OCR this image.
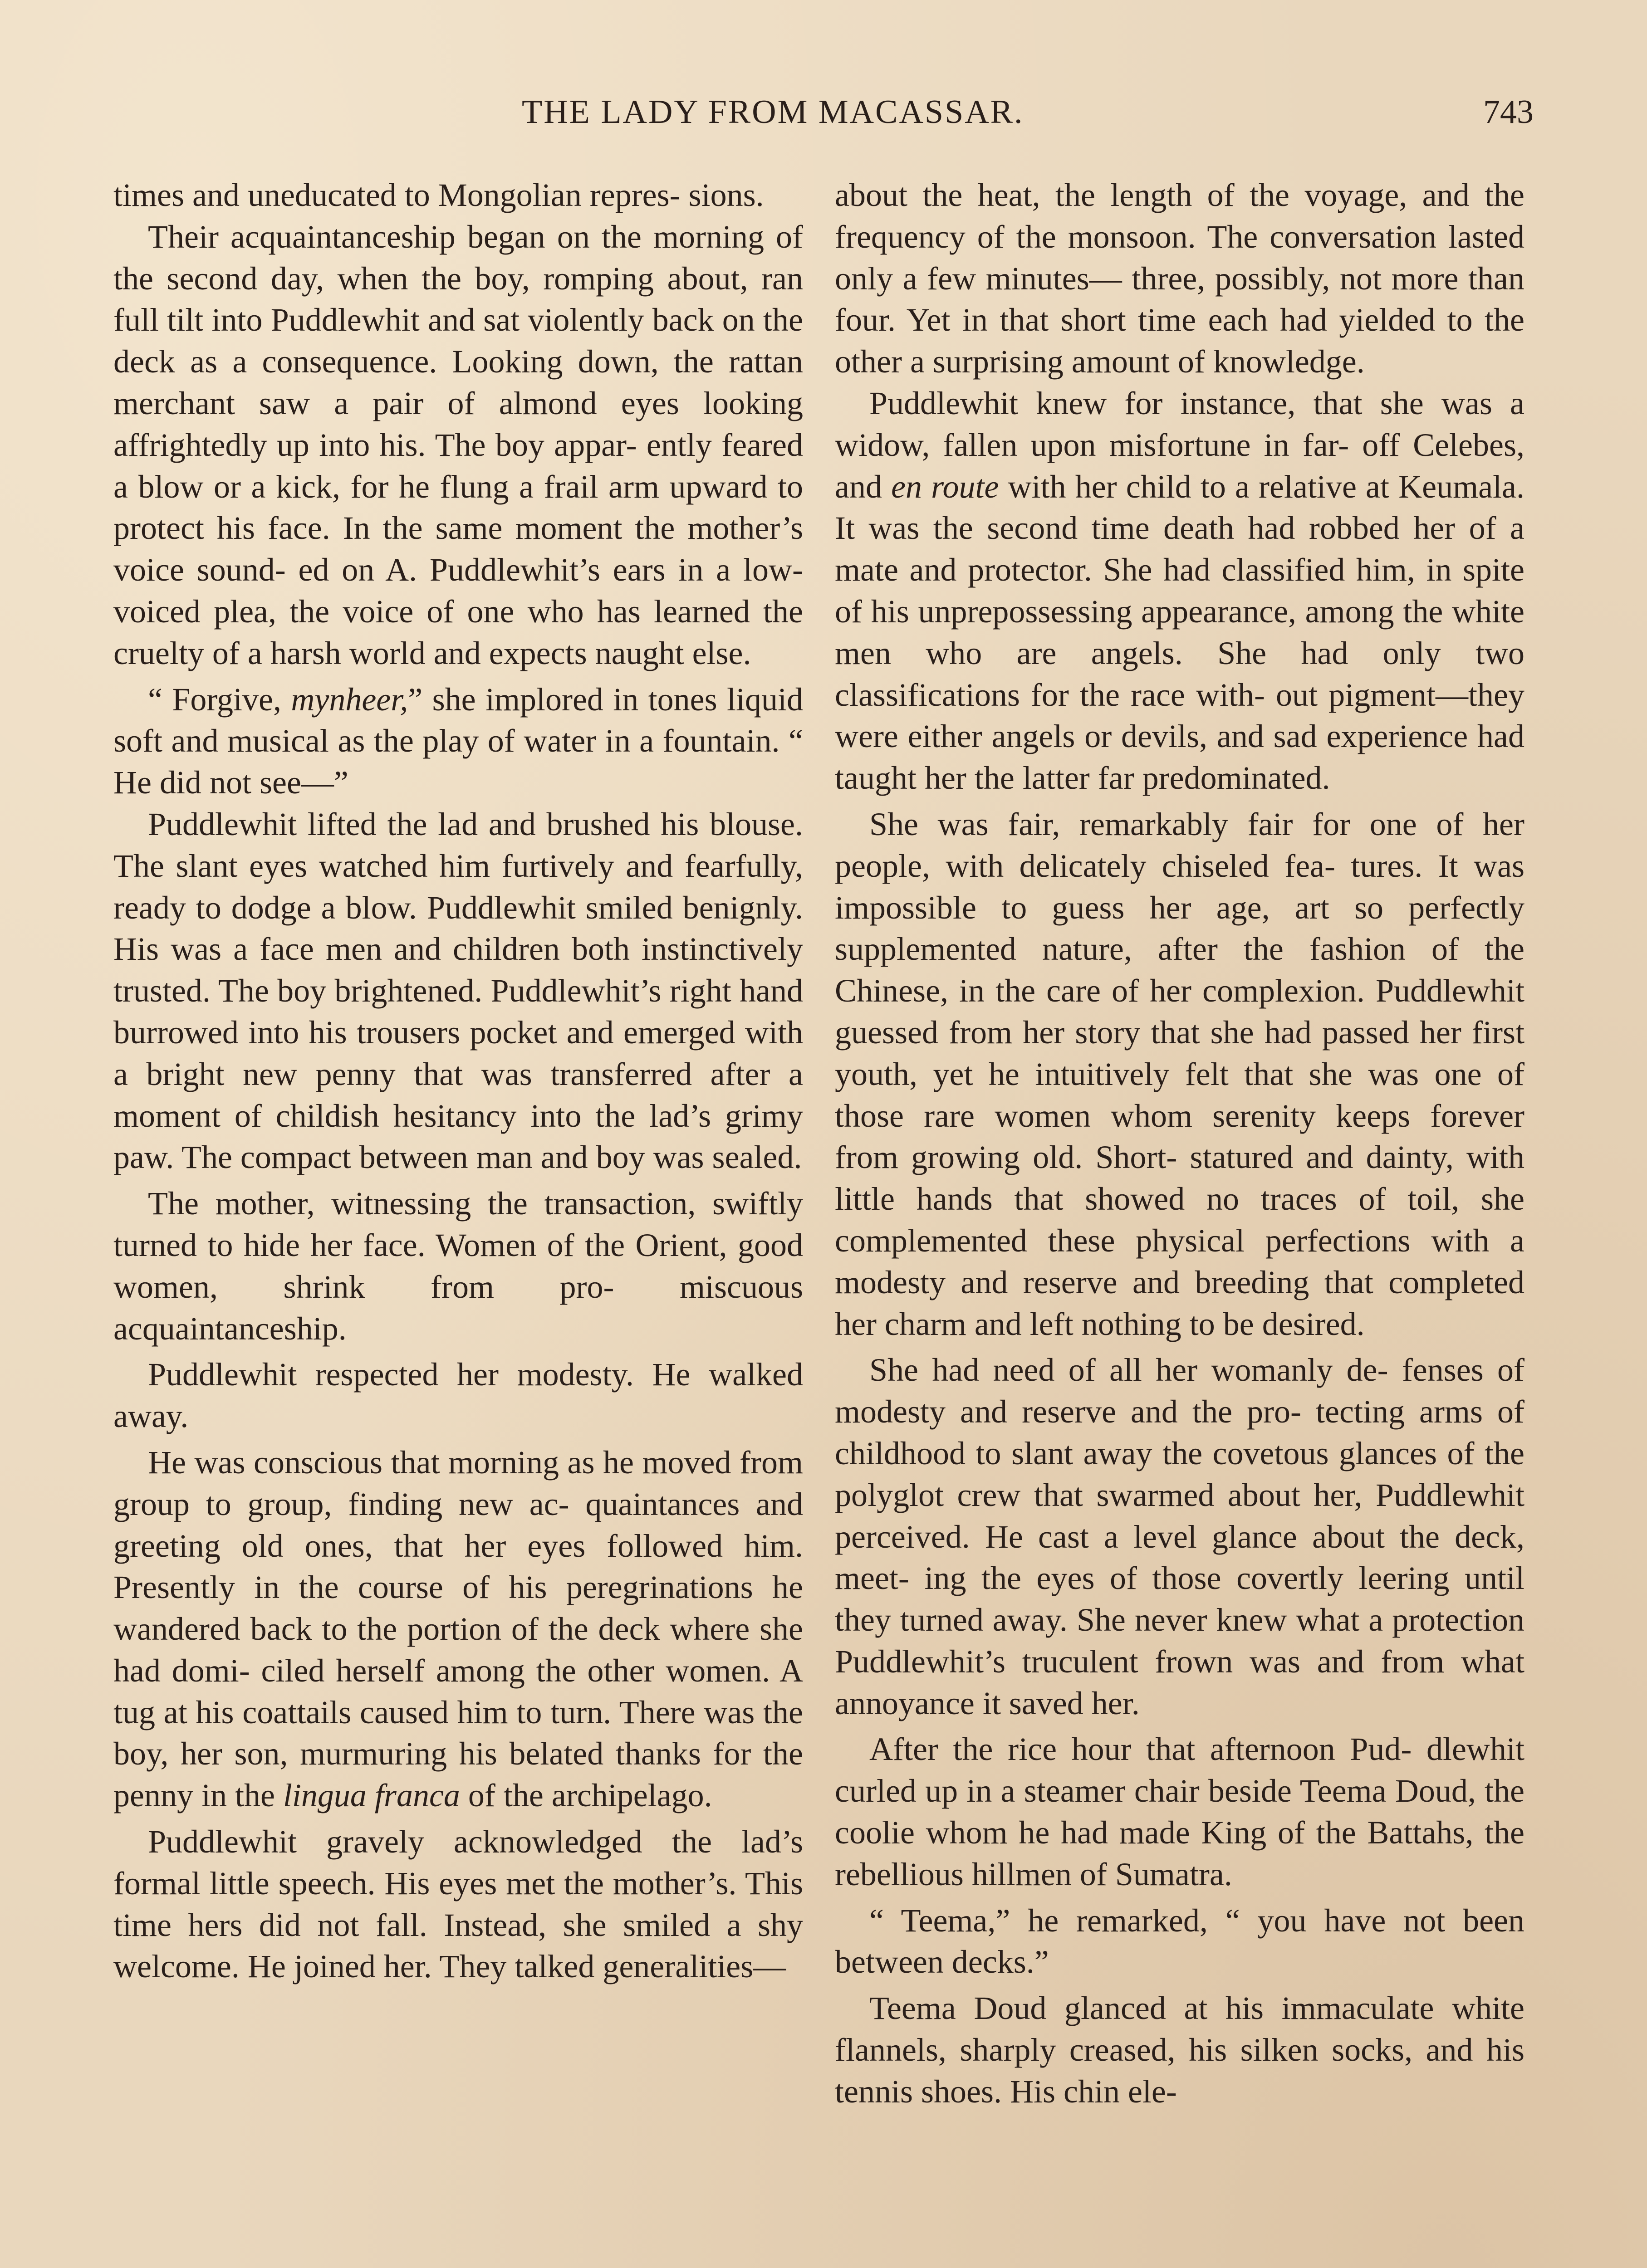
THE LADY FROM MACASSAR.	743

times and uneducated to Mongolian repres- sions.

Their acquaintanceship began on the morning of the second day, when the boy, romping about, ran full tilt into Puddlewhit and sat violently back on the deck as a consequence. Looking down, the rattan merchant saw a pair of almond eyes looking affrightedly up into his. The boy appar- ently feared a blow or a kick, for he flung a frail arm upward to protect his face. In the same moment the mother’s voice sound- ed on A. Puddlewhit’s ears in a low-voiced plea, the voice of one who has learned the cruelty of a harsh world and expects naught else.

“ Forgive, mynheer,” she implored in tones liquid soft and musical as the play of water in a fountain. “ He did not see—”

Puddlewhit lifted the lad and brushed his blouse. The slant eyes watched him furtively and fearfully, ready to dodge a blow. Puddlewhit smiled benignly. His was a face men and children both instinctively trusted. The boy brightened. Puddlewhit’s right hand burrowed into his trousers pocket and emerged with a bright new penny that was transferred after a moment of childish hesitancy into the lad’s grimy paw. The compact between man and boy was sealed.

The mother, witnessing the transaction, swiftly turned to hide her face. Women of the Orient, good women, shrink from pro- miscuous acquaintanceship.

Puddlewhit respected her modesty. He walked away.

He was conscious that morning as he moved from group to group, finding new ac- quaintances and greeting old ones, that her eyes followed him. Presently in the course of his peregrinations he wandered back to the portion of the deck where she had domi- ciled herself among the other women. A tug at his coattails caused him to turn. There was the boy, her son, murmuring his belated thanks for the penny in the lingua franca of the archipelago.

Puddlewhit gravely acknowledged the lad’s formal little speech. His eyes met the mother’s. This time hers did not fall. Instead, she smiled a shy welcome. He joined her. They talked generalities—

about the heat, the length of the voyage, and the frequency of the monsoon. The conversation lasted only a few minutes— three, possibly, not more than four. Yet in that short time each had yielded to the other a surprising amount of knowledge.

Puddlewhit knew for instance, that she was a widow, fallen upon misfortune in far- off Celebes, and en route with her child to a relative at Keumala. It was the second time death had robbed her of a mate and protector. She had classified him, in spite of his unprepossessing appearance, among the white men who are angels. She had only two classifications for the race with- out pigment—they were either angels or devils, and sad experience had taught her the latter far predominated.

She was fair, remarkably fair for one of her people, with delicately chiseled fea- tures. It was impossible to guess her age, art so perfectly supplemented nature, after the fashion of the Chinese, in the care of her complexion. Puddlewhit guessed from her story that she had passed her first youth, yet he intuitively felt that she was one of those rare women whom serenity keeps forever from growing old. Short- statured and dainty, with little hands that showed no traces of toil, she complemented these physical perfections with a modesty and reserve and breeding that completed her charm and left nothing to be desired.

She had need of all her womanly de- fenses of modesty and reserve and the pro- tecting arms of childhood to slant away the covetous glances of the polyglot crew that swarmed about her, Puddlewhit perceived. He cast a level glance about the deck, meet- ing the eyes of those covertly leering until they turned away. She never knew what a protection Puddlewhit’s truculent frown was and from what annoyance it saved her.

After the rice hour that afternoon Pud- dlewhit curled up in a steamer chair beside Teema Doud, the coolie whom he had made King of the Battahs, the rebellious hillmen of Sumatra.

“ Teema,” he remarked, “ you have not been between decks.”

Teema Doud glanced at his immaculate white flannels, sharply creased, his silken socks, and his tennis shoes. His chin ele-
